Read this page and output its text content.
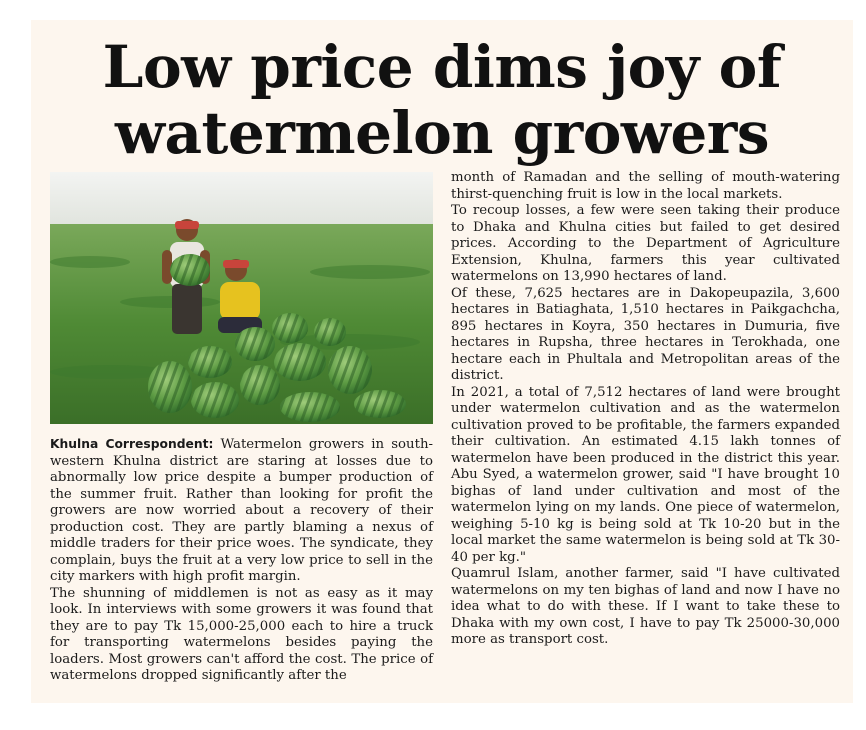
Low price dims joy of
watermelon growers

Khulna Correspondent: Watermelon growers in south-western Khulna district are staring at losses due to abnormally low price despite a bumper production of the summer fruit. Rather than looking for profit the growers are now worried about a recovery of their production cost. They are partly blaming a nexus of middle traders for their price woes. The syndicate, they complain, buys the fruit at a very low price to sell in the city markers with high profit margin.

The shunning of middlemen is not as easy as it may look. In interviews with some growers it was found that they are to pay Tk 15,000-25,000 each to hire a truck for transporting watermelons besides paying the loaders. Most growers can't afford the cost. The price of watermelons dropped significantly after the

month of Ramadan and the selling of mouth-watering thirst-quenching fruit is low in the local markets.

To recoup losses, a few were seen taking their produce to Dhaka and Khulna cities but failed to get desired prices. According to the Department of Agriculture Extension, Khulna, farmers this year cultivated watermelons on 13,990 hectares of land.

Of these, 7,625 hectares are in Dakopeupazila, 3,600 hectares in Batiaghata, 1,510 hectares in Paikgachcha, 895 hectares in Koyra, 350 hectares in Dumuria, five hectares in Rupsha, three hectares in Terokhada, one hectare each in Phultala and Metropolitan areas of the district.

In 2021, a total of 7,512 hectares of land were brought under watermelon cultivation and as the watermelon cultivation proved to be profitable, the farmers expanded their cultivation. An estimated 4.15 lakh tonnes of watermelon have been produced in the district this year. Abu Syed, a watermelon grower, said "I have brought 10 bighas of land under cultivation and most of the watermelon lying on my lands. One piece of watermelon, weighing 5-10 kg is being sold at Tk 10-20 but in the local market the same watermelon is being sold at Tk 30-40 per kg."

Quamrul Islam, another farmer, said "I have cultivated watermelons on my ten bighas of land and now I have no idea what to do with these. If I want to take these to Dhaka with my own cost, I have to pay Tk 25000-30,000 more as transport cost.
